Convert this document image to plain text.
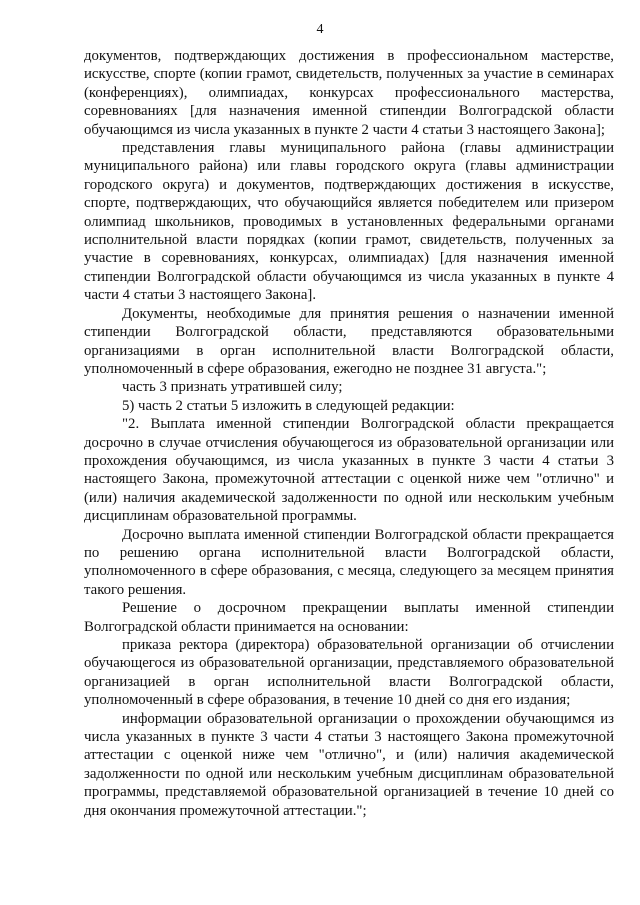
4

документов, подтверждающих достижения в профессиональном мастерстве, искусстве, спорте (копии грамот, свидетельств, полученных за участие в семинарах (конференциях), олимпиадах, конкурсах профессионального мастерства, соревнованиях [для назначения именной стипендии Волгоградской области обучающимся из числа указанных в пункте 2 части 4 статьи 3 настоящего Закона];

представления главы муниципального района (главы администрации муниципального района) или главы городского округа (главы администрации городского округа) и документов, подтверждающих достижения в искусстве, спорте, подтверждающих, что обучающийся является победителем или призером олимпиад школьников, проводимых в установленных федеральными органами исполнительной власти порядках (копии грамот, свидетельств, полученных за участие в соревнованиях, конкурсах, олимпиадах) [для назначения именной стипендии Волгоградской области обучающимся из числа указанных в пункте 4 части 4 статьи 3 настоящего Закона].

Документы, необходимые для принятия решения о назначении именной стипендии Волгоградской области, представляются образовательными организациями в орган исполнительной власти Волгоградской области, уполномоченный в сфере образования, ежегодно не позднее 31 августа.";

часть 3 признать утратившей силу;

5) часть 2 статьи 5 изложить в следующей редакции:

"2. Выплата именной стипендии Волгоградской области прекращается досрочно в случае отчисления обучающегося из образовательной организации или прохождения обучающимся, из числа указанных в пункте 3 части 4 статьи 3 настоящего Закона, промежуточной аттестации с оценкой ниже чем "отлично" и (или) наличия академической задолженности по одной или нескольким учебным дисциплинам образовательной программы.

Досрочно выплата именной стипендии Волгоградской области прекращается по решению органа исполнительной власти Волгоградской области, уполномоченного в сфере образования, с месяца, следующего за месяцем принятия такого решения.

Решение о досрочном прекращении выплаты именной стипендии Волгоградской области принимается на основании:

приказа ректора (директора) образовательной организации об отчислении обучающегося из образовательной организации, представляемого образовательной организацией в орган исполнительной власти Волгоградской области, уполномоченный в сфере образования, в течение 10 дней со дня его издания;

информации образовательной организации о прохождении обучающимся из числа указанных в пункте 3 части 4 статьи 3 настоящего Закона промежуточной аттестации с оценкой ниже чем "отлично", и (или) наличия академической задолженности по одной или нескольким учебным дисциплинам образовательной программы, представляемой образовательной организацией в течение 10 дней со дня окончания промежуточной аттестации.";
